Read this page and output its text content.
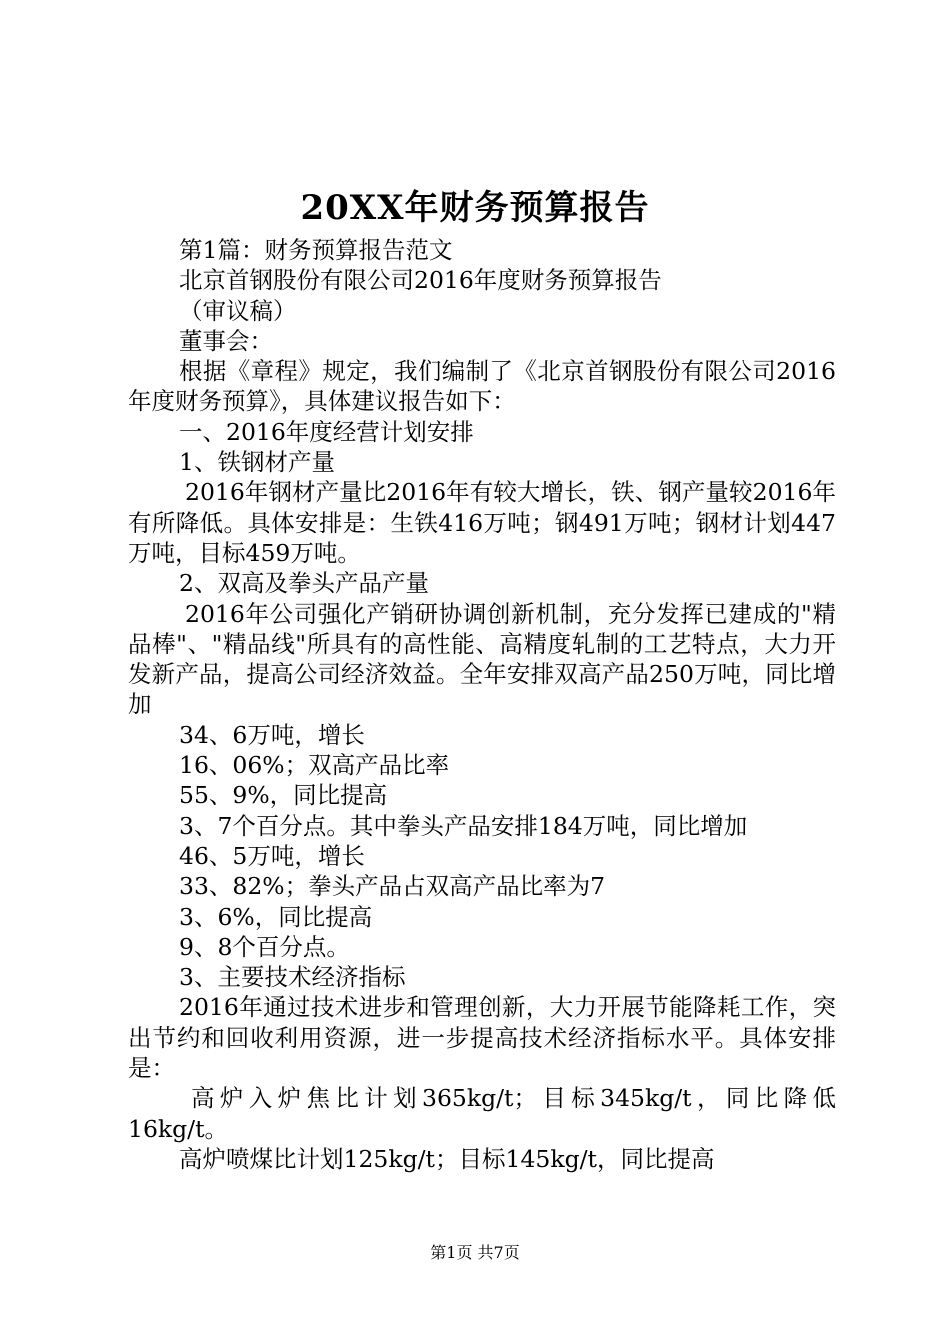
20XX年财务预算报告

第1篇：财务预算报告范文

北京首钢股份有限公司2016年度财务预算报告

（审议稿）

董事会：

根据《章程》规定，我们编制了《北京首钢股份有限公司2016年度财务预算》，具体建议报告如下：

一、2016年度经营计划安排

1、铁钢材产量

2016年钢材产量比2016年有较大增长，铁、钢产量较2016年有所降低。具体安排是：生铁416万吨；钢491万吨；钢材计划447万吨，目标459万吨。

2、双高及拳头产品产量

2016年公司强化产销研协调创新机制，充分发挥已建成的"精品棒"、"精品线"所具有的高性能、高精度轧制的工艺特点，大力开发新产品，提高公司经济效益。全年安排双高产品250万吨，同比增加

34、6万吨，增长

16、06%；双高产品比率

55、9%，同比提高

3、7个百分点。其中拳头产品安排184万吨，同比增加

46、5万吨，增长

33、82%；拳头产品占双高产品比率为7

3、6%，同比提高

9、8个百分点。

3、主要技术经济指标

2016年通过技术进步和管理创新，大力开展节能降耗工作，突出节约和回收利用资源，进一步提高技术经济指标水平。具体安排是：

高炉入炉焦比计划365kg/t；目标345kg/t，同比降低16kg/t。

高炉喷煤比计划125kg/t；目标145kg/t，同比提高

第1页 共7页
